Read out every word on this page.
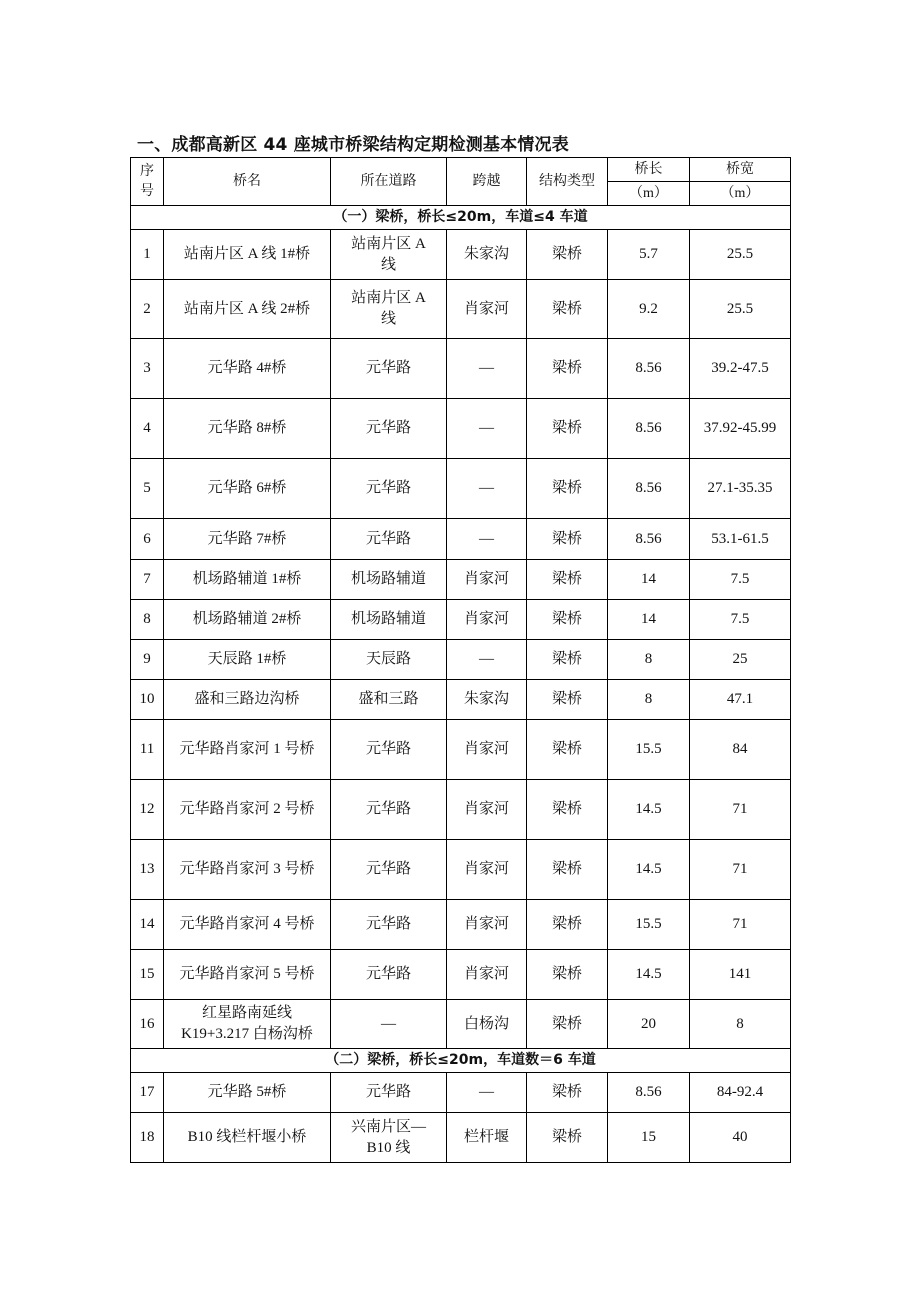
一、成都高新区 44 座城市桥梁结构定期检测基本情况表
序号	桥名	所在道路	跨越	结构类型	桥长	桥宽
					（m）	（m）
（一）梁桥，桥长≤20m，车道≤4 车道						
1	站南片区 A 线 1#桥	站南片区 A 线	朱家沟	梁桥	5.7	25.5
2	站南片区 A 线 2#桥	站南片区 A 线	肖家河	梁桥	9.2	25.5
3	元华路 4#桥	元华路	—	梁桥	8.56	39.2-47.5
4	元华路 8#桥	元华路	—	梁桥	8.56	37.92-45.99
5	元华路 6#桥	元华路	—	梁桥	8.56	27.1-35.35
6	元华路 7#桥	元华路	—	梁桥	8.56	53.1-61.5
7	机场路辅道 1#桥	机场路辅道	肖家河	梁桥	14	7.5
8	机场路辅道 2#桥	机场路辅道	肖家河	梁桥	14	7.5
9	天辰路 1#桥	天辰路	—	梁桥	8	25
10	盛和三路边沟桥	盛和三路	朱家沟	梁桥	8	47.1
11	元华路肖家河 1 号桥	元华路	肖家河	梁桥	15.5	84
12	元华路肖家河 2 号桥	元华路	肖家河	梁桥	14.5	71
13	元华路肖家河 3 号桥	元华路	肖家河	梁桥	14.5	71
14	元华路肖家河 4 号桥	元华路	肖家河	梁桥	15.5	71
15	元华路肖家河 5 号桥	元华路	肖家河	梁桥	14.5	141
16	红星路南延线 K19+3.217 白杨沟桥	—	白杨沟	梁桥	20	8
（二）梁桥，桥长≤20m，车道数＝6 车道						
17	元华路 5#桥	元华路	—	梁桥	8.56	84-92.4
18	B10 线栏杆堰小桥	兴南片区— B10 线	栏杆堰	梁桥	15	40
